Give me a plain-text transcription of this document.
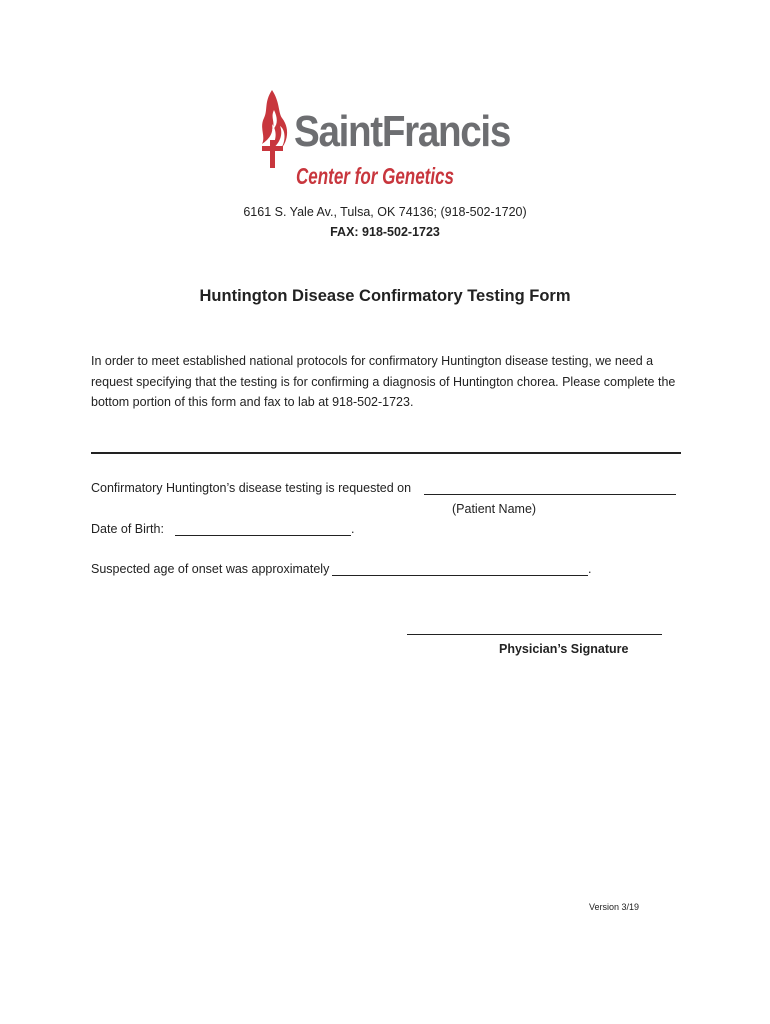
SaintFrancis
Center for Genetics
6161 S. Yale Av., Tulsa, OK 74136; (918-502-1720)
FAX: 918-502-1723
Huntington Disease Confirmatory Testing Form
In order to meet established national protocols for confirmatory Huntington disease testing, we need a request specifying that the testing is for confirming a diagnosis of Huntington chorea. Please complete the bottom portion of this form and fax to lab at 918-502-1723.
Confirmatory Huntington’s disease testing is requested on
(Patient Name)
Date of Birth:	.
Suspected age of onset was approximately	.
Physician’s Signature
Version 3/19
